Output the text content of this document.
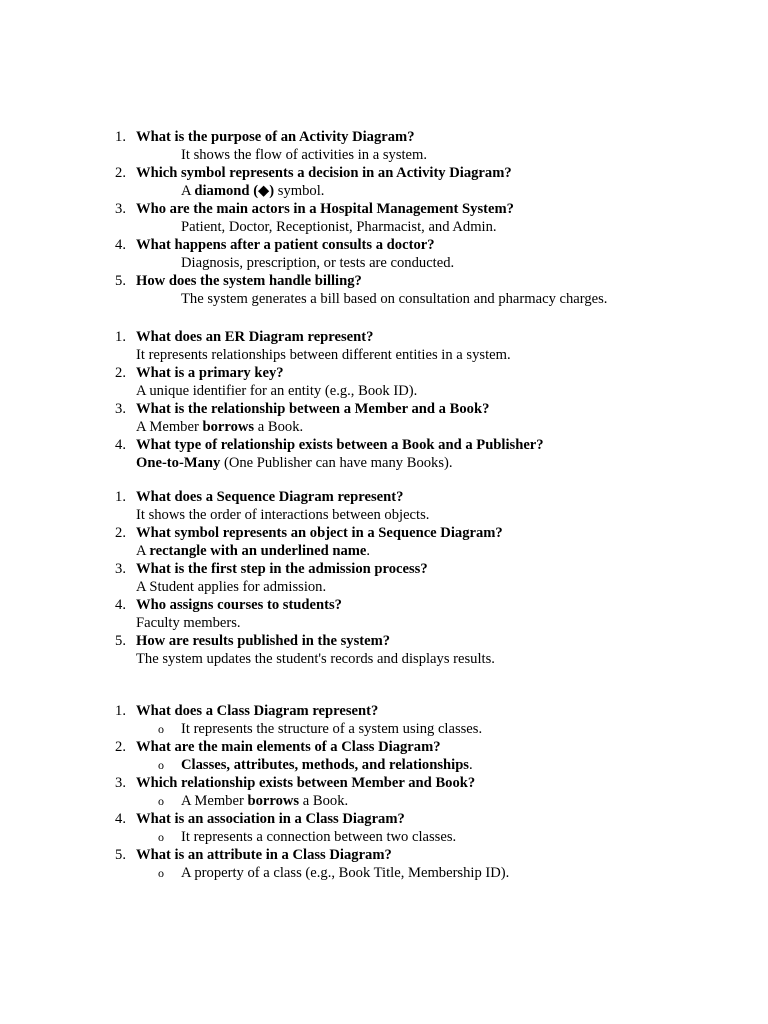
1. What is the purpose of an Activity Diagram?
It shows the flow of activities in a system.
2. Which symbol represents a decision in an Activity Diagram?
A diamond (◆) symbol.
3. Who are the main actors in a Hospital Management System?
Patient, Doctor, Receptionist, Pharmacist, and Admin.
4. What happens after a patient consults a doctor?
Diagnosis, prescription, or tests are conducted.
5. How does the system handle billing?
The system generates a bill based on consultation and pharmacy charges.
1. What does an ER Diagram represent?
It represents relationships between different entities in a system.
2. What is a primary key?
A unique identifier for an entity (e.g., Book ID).
3. What is the relationship between a Member and a Book?
A Member borrows a Book.
4. What type of relationship exists between a Book and a Publisher?
One-to-Many (One Publisher can have many Books).
1. What does a Sequence Diagram represent?
It shows the order of interactions between objects.
2. What symbol represents an object in a Sequence Diagram?
A rectangle with an underlined name.
3. What is the first step in the admission process?
A Student applies for admission.
4. Who assigns courses to students?
Faculty members.
5. How are results published in the system?
The system updates the student's records and displays results.
1. What does a Class Diagram represent?
o It represents the structure of a system using classes.
2. What are the main elements of a Class Diagram?
o Classes, attributes, methods, and relationships.
3. Which relationship exists between Member and Book?
o A Member borrows a Book.
4. What is an association in a Class Diagram?
o It represents a connection between two classes.
5. What is an attribute in a Class Diagram?
o A property of a class (e.g., Book Title, Membership ID).
